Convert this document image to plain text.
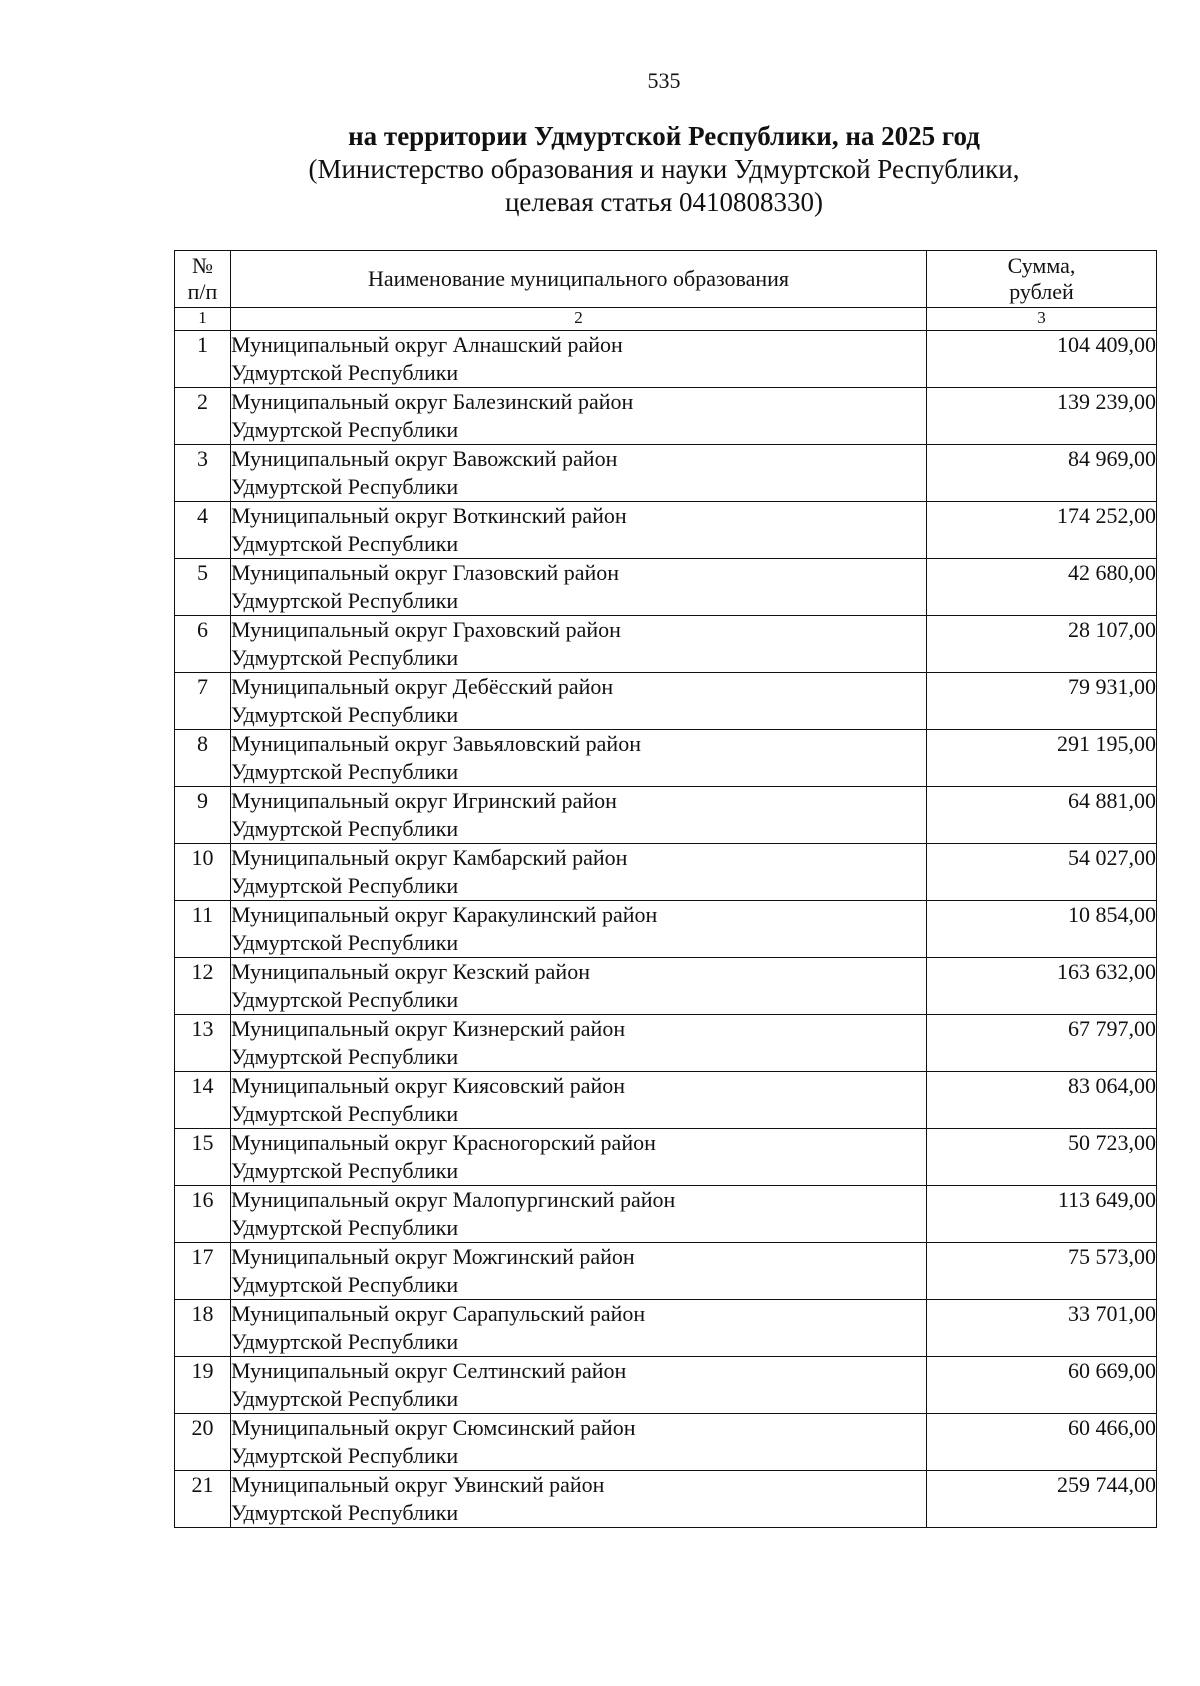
535
на территории Удмуртской Республики, на 2025 год
(Министерство образования и науки Удмуртской Республики,
целевая статья 0410808330)
№
п/п	Наименование муниципального образования	Сумма,
рублей

1	2	3
1	Муниципальный округ Алнашский район
Удмуртской Республики	104 409,00
2	Муниципальный округ Балезинский район
Удмуртской Республики	139 239,00
3	Муниципальный округ Вавожский район
Удмуртской Республики	84 969,00
4	Муниципальный округ Воткинский район
Удмуртской Республики	174 252,00
5	Муниципальный округ Глазовский район
Удмуртской Республики	42 680,00
6	Муниципальный округ Граховский район
Удмуртской Республики	28 107,00
7	Муниципальный округ Дебёсский район
Удмуртской Республики	79 931,00
8	Муниципальный округ Завьяловский район
Удмуртской Республики	291 195,00
9	Муниципальный округ Игринский район
Удмуртской Республики	64 881,00
10	Муниципальный округ Камбарский район
Удмуртской Республики	54 027,00
11	Муниципальный округ Каракулинский район
Удмуртской Республики	10 854,00
12	Муниципальный округ Кезский район
Удмуртской Республики	163 632,00
13	Муниципальный округ Кизнерский район
Удмуртской Республики	67 797,00
14	Муниципальный округ Киясовский район
Удмуртской Республики	83 064,00
15	Муниципальный округ Красногорский район
Удмуртской Республики	50 723,00
16	Муниципальный округ Малопургинский район
Удмуртской Республики	113 649,00
17	Муниципальный округ Можгинский район
Удмуртской Республики	75 573,00
18	Муниципальный округ Сарапульский район
Удмуртской Республики	33 701,00
19	Муниципальный округ Селтинский район
Удмуртской Республики	60 669,00
20	Муниципальный округ Сюмсинский район
Удмуртской Республики	60 466,00
21	Муниципальный округ Увинский район
Удмуртской Республики	259 744,00
